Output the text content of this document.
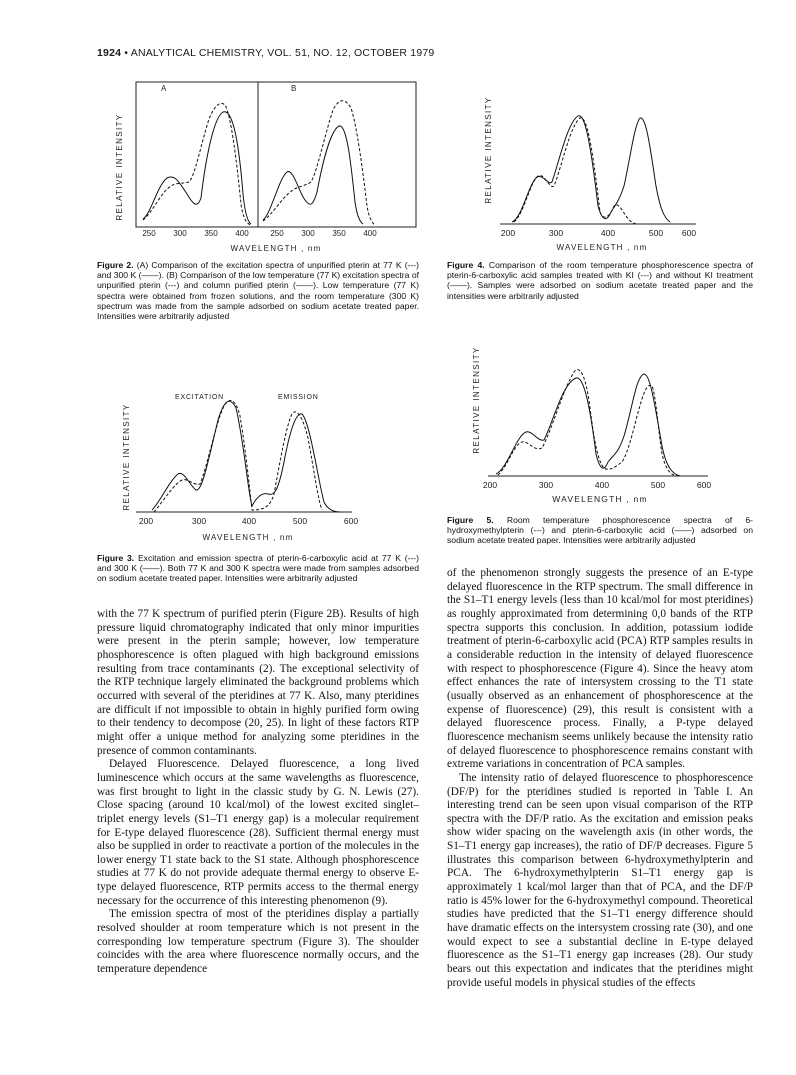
1924 • ANALYTICAL CHEMISTRY, VOL. 51, NO. 12, OCTOBER 1979
RELATIVE INTENSITY
A	B
250 300 350 400	250 300 350 400
WAVELENGTH , nm
Figure 2. (A) Comparison of the excitation spectra of unpurified pterin at 77 K (---) and 300 K (——). (B) Comparison of the low temperature (77 K) excitation spectra of unpurified pterin (---) and column purified pterin (——). Low temperature (77 K) spectra were obtained from frozen solutions, and the room temperature (300 K) spectrum was made from the sample adsorbed on sodium acetate treated paper. Intensities were arbitrarily adjusted
RELATIVE INTENSITY
EXCITATION	EMISSION
200	300	400	500	600
WAVELENGTH , nm
Figure 3. Excitation and emission spectra of pterin-6-carboxylic acid at 77 K (---) and 300 K (——). Both 77 K and 300 K spectra were made from samples adsorbed on sodium acetate treated paper. Intensities were arbitrarily adjusted
RELATIVE INTENSITY
200	300	400	500 600
WAVELENGTH , nm
Figure 4. Comparison of the room temperature phosphorescence spectra of pterin-6-carboxylic acid samples treated with KI (---) and without KI treatment (——). Samples were adsorbed on sodium acetate treated paper and the intensities were arbitrarily adjusted
RELATIVE INTENSITY
200	300	400	500	600
WAVELENGTH , nm
Figure 5. Room temperature phosphorescence spectra of 6-hydroxymethylpterin (---) and pterin-6-carboxylic acid (——) adsorbed on sodium acetate treated paper. Intensities were arbitrarily adjusted

with the 77 K spectrum of purified pterin (Figure 2B). Results of high pressure liquid chromatography indicated that only minor impurities were present in the pterin sample; however, low temperature phosphorescence is often plagued with high background emissions resulting from trace contaminants (2). The exceptional selectivity of the RTP technique largely eliminated the background problems which occurred with several of the pteridines at 77 K. Also, many pteridines are difficult if not impossible to obtain in highly purified form owing to their tendency to decompose (20, 25). In light of these factors RTP might offer a unique method for analyzing some pteridines in the presence of common contaminants.

Delayed Fluorescence. Delayed fluorescence, a long lived luminescence which occurs at the same wavelengths as fluorescence, was first brought to light in the classic study by G. N. Lewis (27). Close spacing (around 10 kcal/mol) of the lowest excited singlet–triplet energy levels (S1–T1 energy gap) is a molecular requirement for E-type delayed fluorescence (28). Sufficient thermal energy must also be supplied in order to reactivate a portion of the molecules in the lower energy T1 state back to the S1 state. Although phosphorescence studies at 77 K do not provide adequate thermal energy to observe E-type delayed fluorescence, RTP permits access to the thermal energy necessary for the occurrence of this interesting phenomenon (9).

The emission spectra of most of the pteridines display a partially resolved shoulder at room temperature which is not present in the corresponding low temperature spectrum (Figure 3). The shoulder coincides with the area where fluorescence normally occurs, and the temperature dependence

of the phenomenon strongly suggests the presence of an E-type delayed fluorescence in the RTP spectrum. The small difference in the S1–T1 energy levels (less than 10 kcal/mol for most pteridines) as roughly approximated from determining 0,0 bands of the RTP spectra supports this conclusion. In addition, potassium iodide treatment of pterin-6-carboxylic acid (PCA) RTP samples results in a considerable reduction in the intensity of delayed fluorescence with respect to phosphorescence (Figure 4). Since the heavy atom effect enhances the rate of intersystem crossing to the T1 state (usually observed as an enhancement of phosphorescence at the expense of fluorescence) (29), this result is consistent with a delayed fluorescence process. Finally, a P-type delayed fluorescence mechanism seems unlikely because the intensity ratio of delayed fluorescence to phosphorescence remains constant with extreme variations in concentration of PCA samples.

The intensity ratio of delayed fluorescence to phosphorescence (DF/P) for the pteridines studied is reported in Table I. An interesting trend can be seen upon visual comparison of the RTP spectra with the DF/P ratio. As the excitation and emission peaks show wider spacing on the wavelength axis (in other words, the S1–T1 energy gap increases), the ratio of DF/P decreases. Figure 5 illustrates this comparison between 6-hydroxymethylpterin and PCA. The 6-hydroxymethylpterin S1–T1 energy gap is approximately 1 kcal/mol larger than that of PCA, and the DF/P ratio is 45% lower for the 6-hydroxymethyl compound. Theoretical studies have predicted that the S1–T1 energy difference should have dramatic effects on the intersystem crossing rate (30), and one would expect to see a substantial decline in E-type delayed fluorescence as the S1–T1 energy gap increases (28). Our study bears out this expectation and indicates that the pteridines might provide useful models in physical studies of the effects
